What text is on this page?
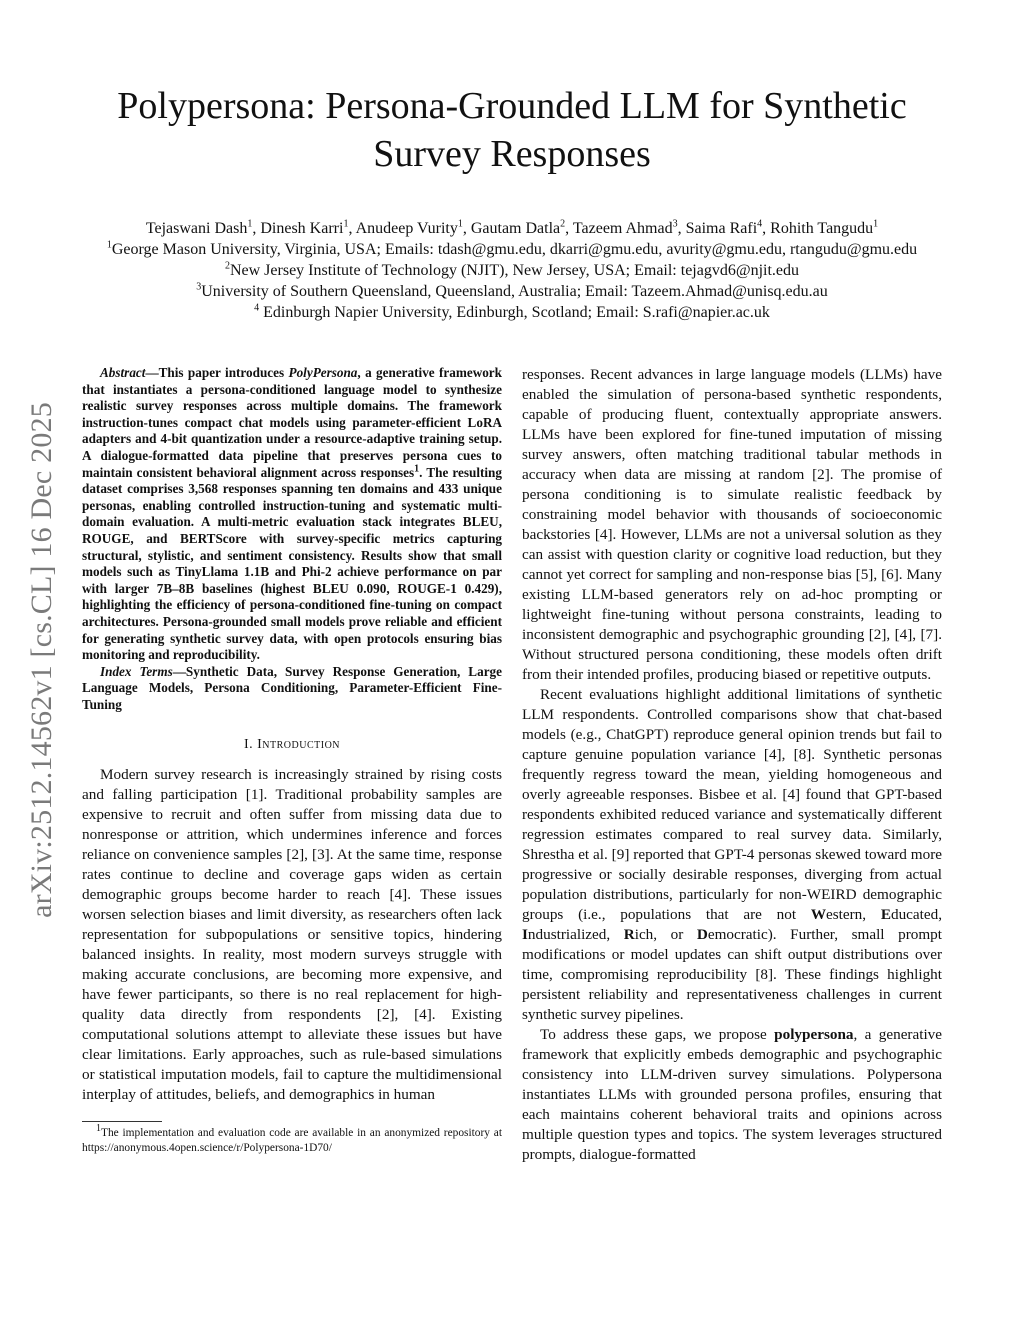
arXiv:2512.14562v1 [cs.CL] 16 Dec 2025
Polypersona: Persona-Grounded LLM for Synthetic
Survey Responses
Tejaswani Dash$^1$, Dinesh Karri$^1$, Anudeep Vurity$^1$, Gautam Datla$^2$, Tazeem Ahmad$^3$, Saima Rafi$^4$, Rohith Tangudu$^1$
$^1$George Mason University, Virginia, USA; Emails: tdash@gmu.edu, dkarri@gmu.edu, avurity@gmu.edu, rtangudu@gmu.edu
$^2$New Jersey Institute of Technology (NJIT), New Jersey, USA; Email: tejagvd6@njit.edu
$^3$University of Southern Queensland, Queensland, Australia; Email: Tazeem.Ahmad@unisq.edu.au
$^4$ Edinburgh Napier University, Edinburgh, Scotland; Email: S.rafi@napier.ac.uk

Abstract—This paper introduces PolyPersona, a generative framework that instantiates a persona-conditioned language model to synthesize realistic survey responses across multiple domains. The framework instruction-tunes compact chat models using parameter-efficient LoRA adapters and 4-bit quantization under a resource-adaptive training setup. A dialogue-formatted data pipeline that preserves persona cues to maintain consistent behavioral alignment across responses$^1$. The resulting dataset comprises 3,568 responses spanning ten domains and 433 unique personas, enabling controlled instruction-tuning and systematic multi-domain evaluation. A multi-metric evaluation stack integrates BLEU, ROUGE, and BERTScore with survey-specific metrics capturing structural, stylistic, and sentiment consistency. Results show that small models such as TinyLlama 1.1B and Phi-2 achieve performance on par with larger 7B–8B baselines (highest BLEU 0.090, ROUGE-1 0.429), highlighting the efficiency of persona-conditioned fine-tuning on compact architectures. Persona-grounded small models prove reliable and efficient for generating synthetic survey data, with open protocols ensuring bias monitoring and reproducibility.

Index Terms—Synthetic Data, Survey Response Generation, Large Language Models, Persona Conditioning, Parameter-Efficient Fine-Tuning

I. Introduction

Modern survey research is increasingly strained by rising costs and falling participation [1]. Traditional probability samples are expensive to recruit and often suffer from missing data due to nonresponse or attrition, which undermines inference and forces reliance on convenience samples [2], [3]. At the same time, response rates continue to decline and coverage gaps widen as certain demographic groups become harder to reach [4]. These issues worsen selection biases and limit diversity, as researchers often lack representation for subpopulations or sensitive topics, hindering balanced insights. In reality, most modern surveys struggle with making accurate conclusions, are becoming more expensive, and have fewer participants, so there is no real replacement for high-quality data directly from respondents [2], [4]. Existing computational solutions attempt to alleviate these issues but have clear limitations. Early approaches, such as rule-based simulations or statistical imputation models, fail to capture the multidimensional interplay of attitudes, beliefs, and demographics in human

$^1$The implementation and evaluation code are available in an anonymized repository at https://anonymous.4open.science/r/Polypersona-1D70/

responses. Recent advances in large language models (LLMs) have enabled the simulation of persona-based synthetic respondents, capable of producing fluent, contextually appropriate answers. LLMs have been explored for fine-tuned imputation of missing survey answers, often matching traditional tabular methods in accuracy when data are missing at random [2]. The promise of persona conditioning is to simulate realistic feedback by constraining model behavior with thousands of socioeconomic backstories [4]. However, LLMs are not a universal solution as they can assist with question clarity or cognitive load reduction, but they cannot yet correct for sampling and non-response bias [5], [6]. Many existing LLM-based generators rely on ad-hoc prompting or lightweight fine-tuning without persona constraints, leading to inconsistent demographic and psychographic grounding [2], [4], [7]. Without structured persona conditioning, these models often drift from their intended profiles, producing biased or repetitive outputs.

Recent evaluations highlight additional limitations of synthetic LLM respondents. Controlled comparisons show that chat-based models (e.g., ChatGPT) reproduce general opinion trends but fail to capture genuine population variance [4], [8]. Synthetic personas frequently regress toward the mean, yielding homogeneous and overly agreeable responses. Bisbee et al. [4] found that GPT-based respondents exhibited reduced variance and systematically different regression estimates compared to real survey data. Similarly, Shrestha et al. [9] reported that GPT-4 personas skewed toward more progressive or socially desirable responses, diverging from actual population distributions, particularly for non-WEIRD demographic groups (i.e., populations that are not Western, Educated, Industrialized, Rich, or Democratic). Further, small prompt modifications or model updates can shift output distributions over time, compromising reproducibility [8]. These findings highlight persistent reliability and representativeness challenges in current synthetic survey pipelines.

To address these gaps, we propose polypersona, a generative framework that explicitly embeds demographic and psychographic consistency into LLM-driven survey simulations. Polypersona instantiates LLMs with grounded persona profiles, ensuring that each maintains coherent behavioral traits and opinions across multiple question types and topics. The system leverages structured prompts, dialogue-formatted
